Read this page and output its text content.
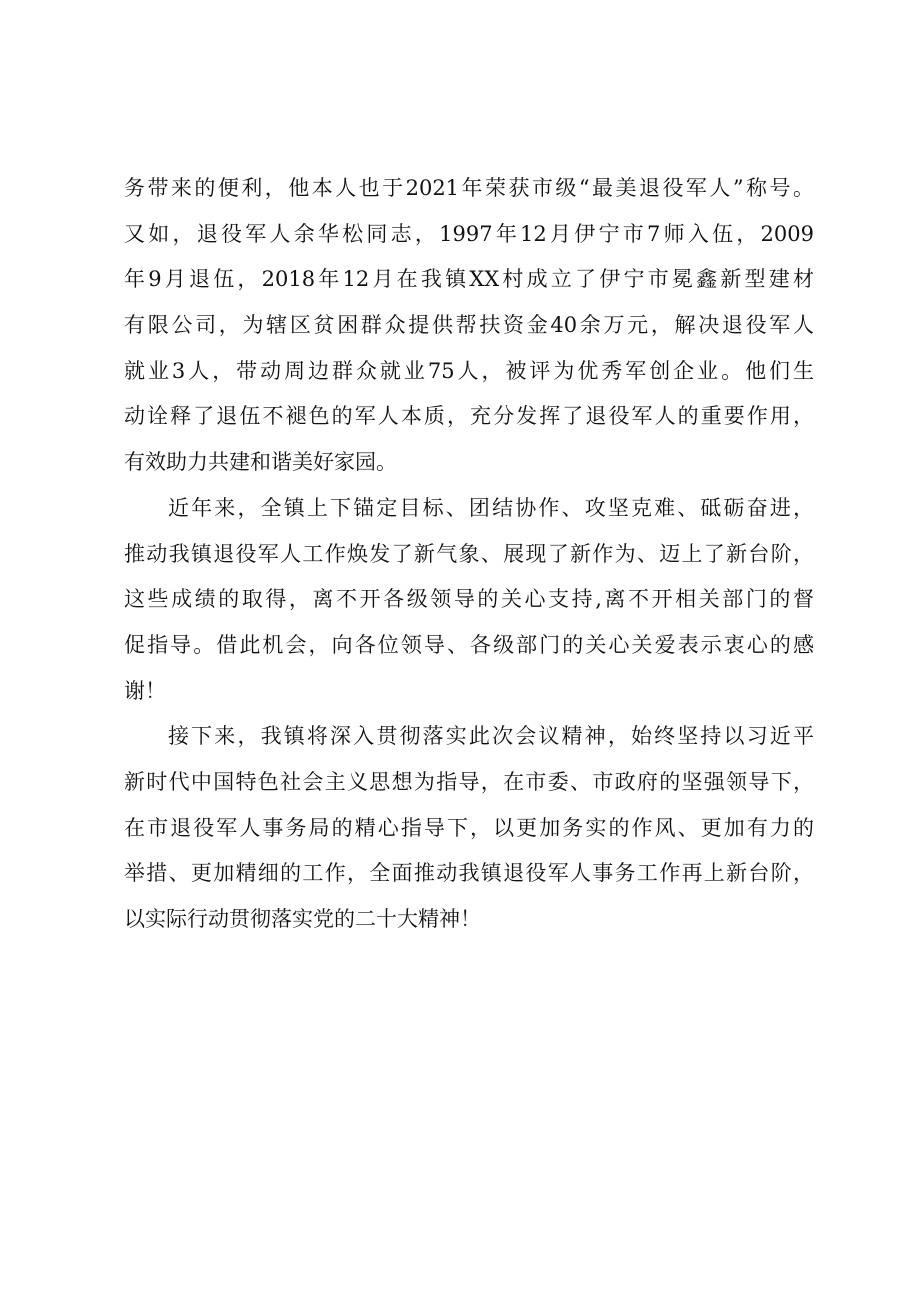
务带来的便利，他本人也于2021年荣获市级“最美退役军人”称号。
又如，退役军人余华松同志，1997年12月伊宁市7师入伍，2009
年9月退伍，2018年12月在我镇XX村成立了伊宁市冕鑫新型建材
有限公司，为辖区贫困群众提供帮扶资金40余万元，解决退役军人
就业3人，带动周边群众就业75人，被评为优秀军创企业。他们生
动诠释了退伍不褪色的军人本质，充分发挥了退役军人的重要作用，
有效助力共建和谐美好家园。
近年来，全镇上下锚定目标、团结协作、攻坚克难、砥砺奋进，
推动我镇退役军人工作焕发了新气象、展现了新作为、迈上了新台阶，
这些成绩的取得，离不开各级领导的关心支持,离不开相关部门的督
促指导。借此机会，向各位领导、各级部门的关心关爱表示衷心的感
谢！
接下来，我镇将深入贯彻落实此次会议精神，始终坚持以习近平
新时代中国特色社会主义思想为指导，在市委、市政府的坚强领导下，
在市退役军人事务局的精心指导下，以更加务实的作风、更加有力的
举措、更加精细的工作，全面推动我镇退役军人事务工作再上新台阶，
以实际行动贯彻落实党的二十大精神！
